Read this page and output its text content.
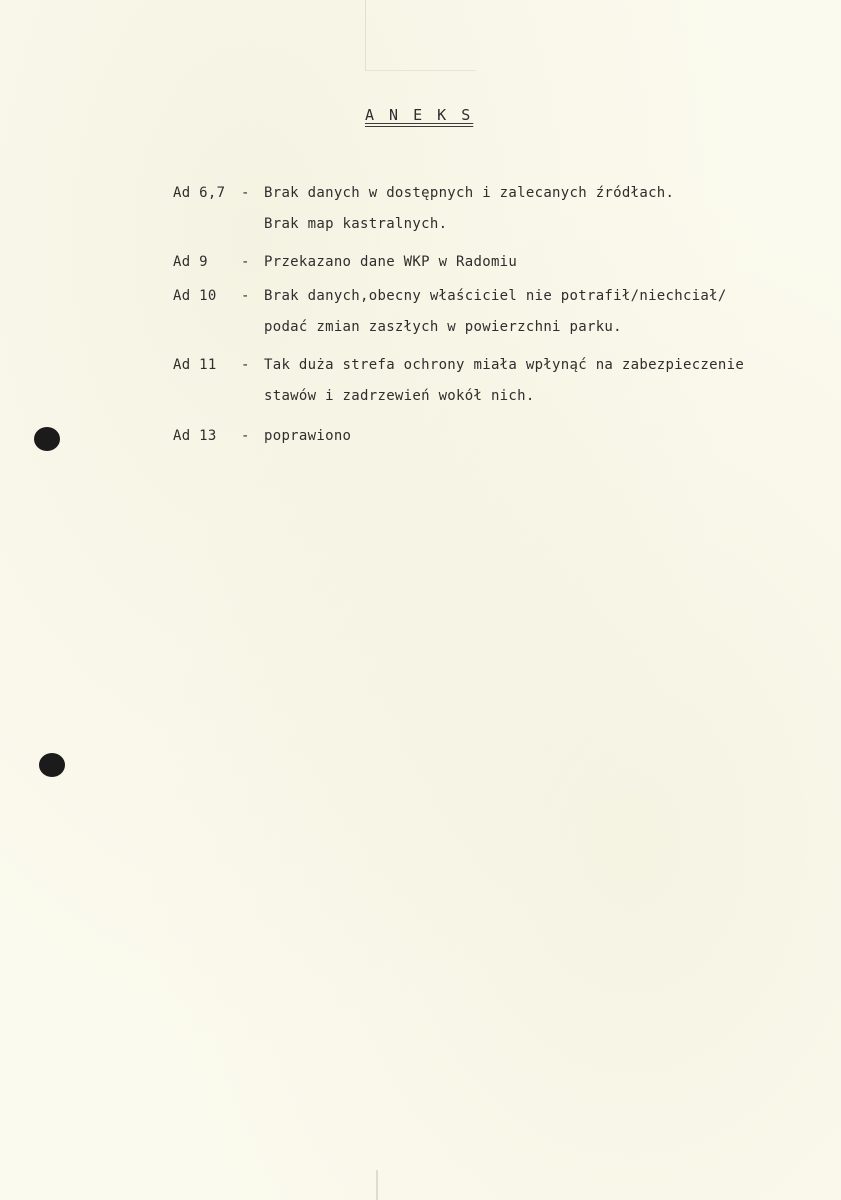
A N E K S
Ad 6,7 - Brak danych w dostępnych i zalecanych źródłach.
Brak map kastralnych.
Ad 9 - Przekazano dane WKP w Radomiu
Ad 10 - Brak danych,obecny właściciel nie potrafił/niechciał/
podać zmian zaszłych w powierzchni parku.
Ad 11 - Tak duża strefa ochrony miała wpłynąć na zabezpieczenie
stawów i zadrzewień wokół nich.
Ad 13 - poprawiono
